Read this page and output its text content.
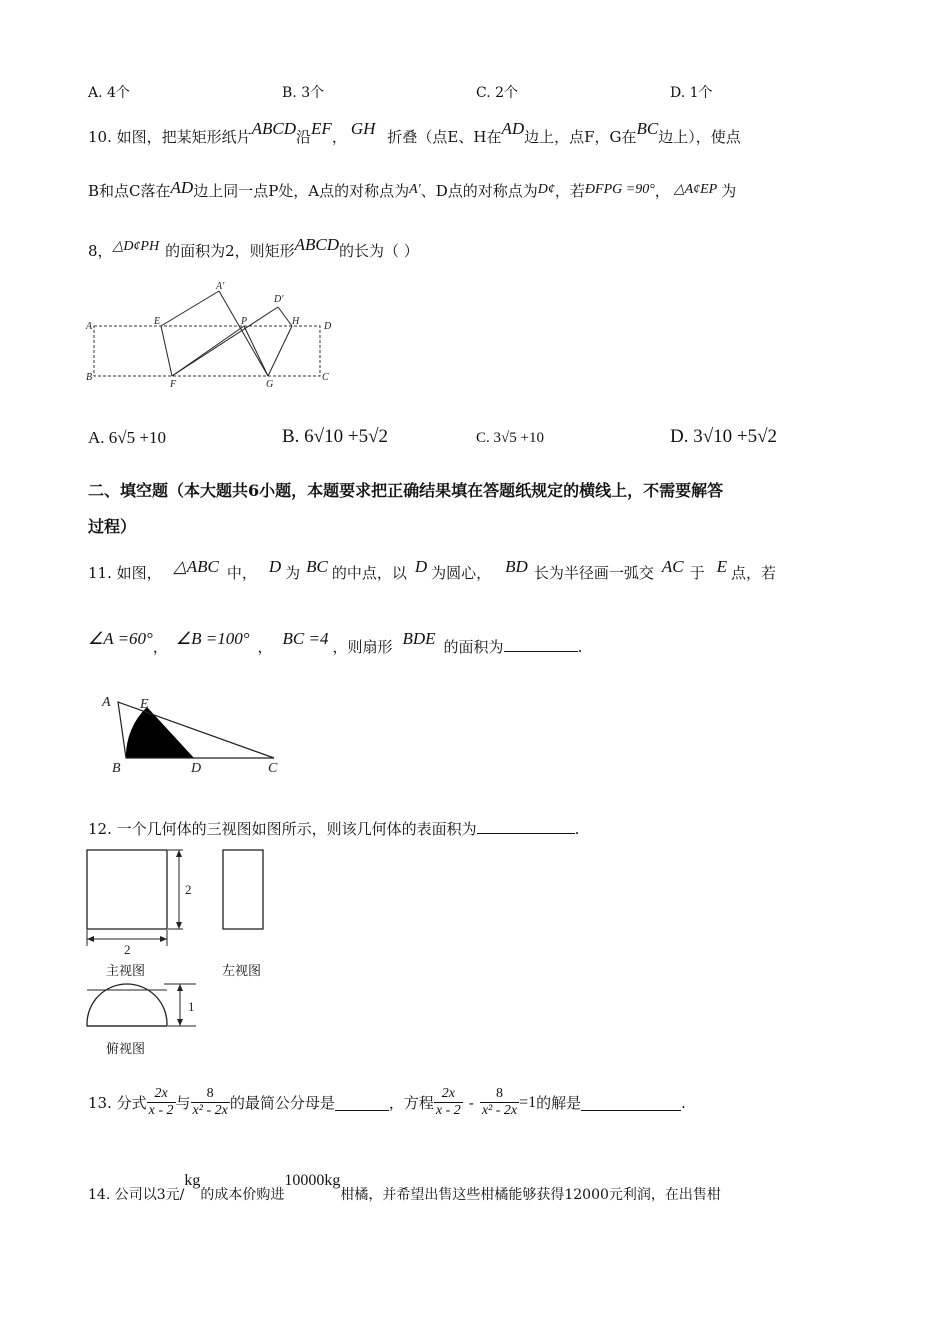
A. 4个	B. 3个	C. 2个	D. 1个
10. 如图，把某矩形纸片ABCD沿EF， GH 折叠（点E、H在AD边上，点F，G在BC边上），使点
B和点C落在AD边上同一点P处，A点的对称点为A′、D点的对称点为D¢，若ÐFPG =90°， △A¢EP 为
8，△D¢PH 的面积为2，则矩形ABCD的长为（ ）
A′
D′
A	E	P	H D
B
F	G
C
A. 6√5 +10	B. 6√10 +5√2	C. 3√5 +10	D. 3√10 +5√2
二、填空题（本大题共6小题，本题要求把正确结果填在答题纸规定的横线上，不需要解答
过程）
11. 如图， △ABC 中， D 为 BC 的中点，以 D 为圆心， BD 长为半径画一弧交 AC 于 E 点，若
∠A =60°， ∠B =100° ， BC =4 ，则扇形 BDE 的面积为	.
A E
B	D	C
12. 一个几何体的三视图如图所示，则该几何体的表面积为	.
2
2
1
主视图	左视图
俯视图
13. 分式 $\frac{2x}{x - 2}$ 与 $\frac{8}{\text{x² - 2x}}$ 的最简公分母是	，方程 $\frac{2x}{x - 2} - \frac{8}{\text{x² - 2x}} =1$ 的解是	.
14. 公司以3元/kg的成本价购进10000kg柑橘，并希望出售这些柑橘能够获得12000元利润，在出售柑
